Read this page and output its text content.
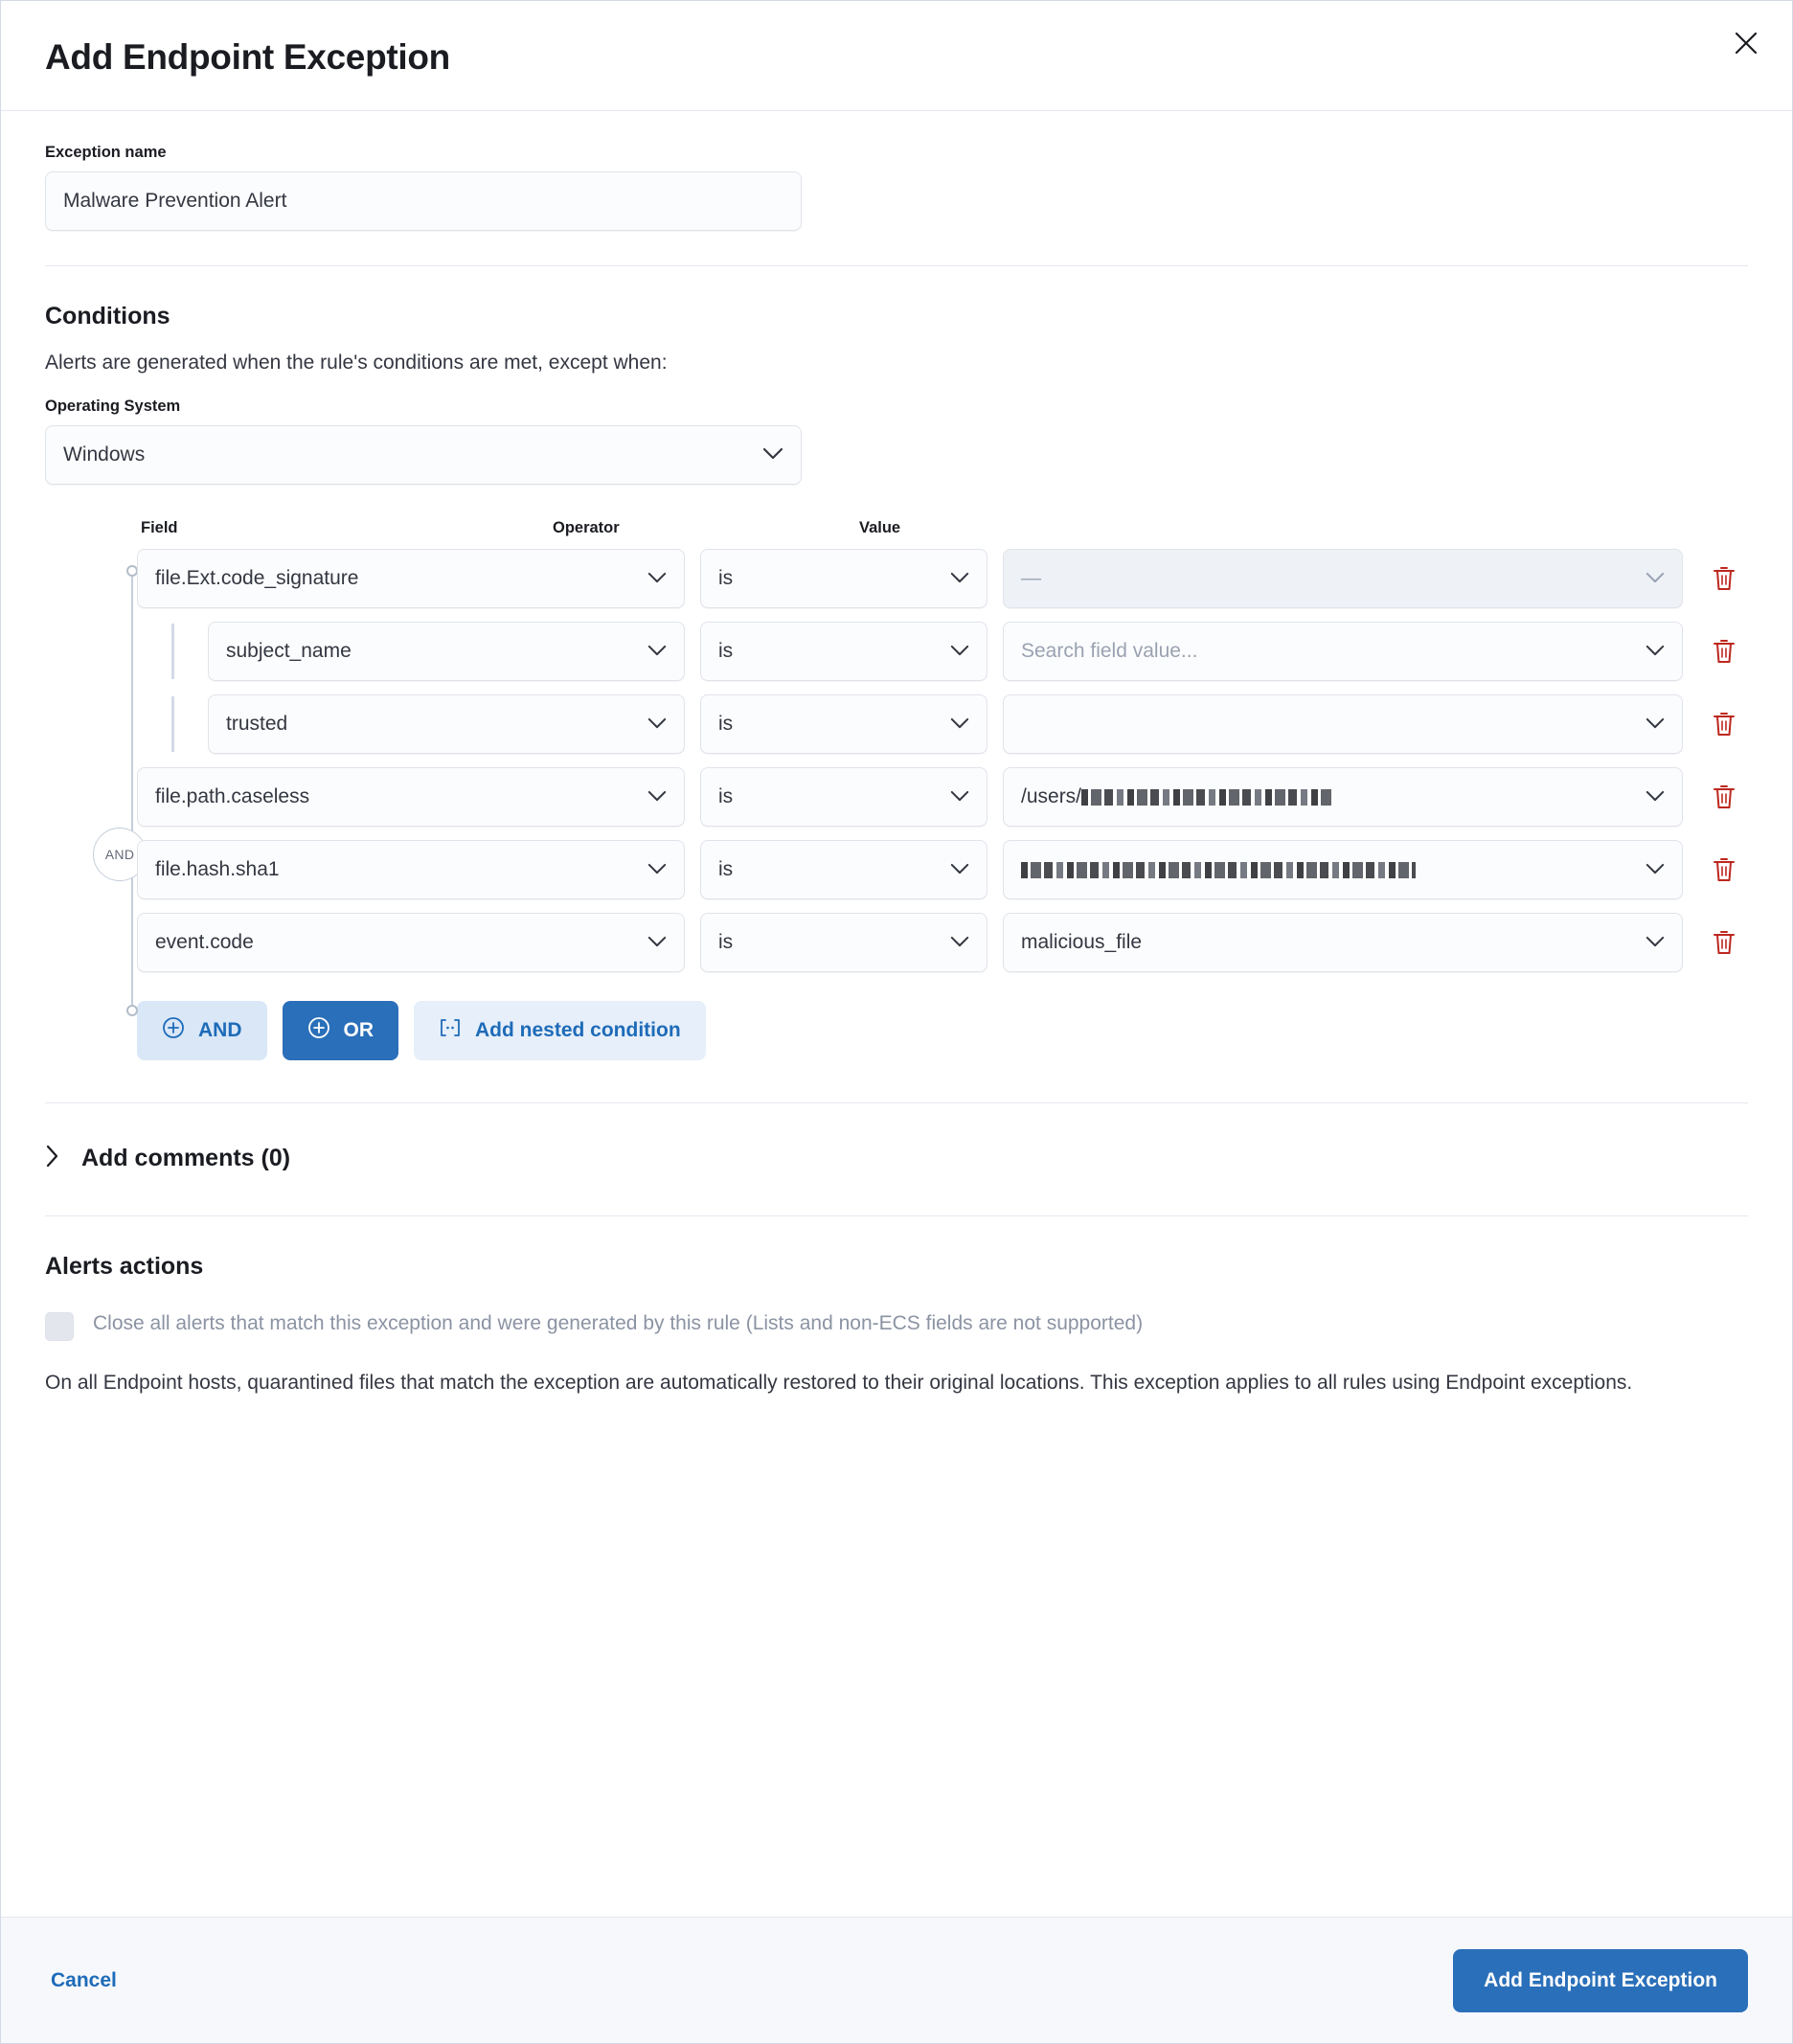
Add Endpoint Exception
Exception name
Malware Prevention Alert
Conditions
Alerts are generated when the rule's conditions are met, except when:
Operating System
Windows
AND
Field	Operator	Value
file.Ext.code_signature	is	—
subject_name	is	Search field value...
trusted	is
file.path.caseless	is	/users/
file.hash.sha1	is
event.code	is	malicious_file
AND	OR	Add nested condition
Add comments (0)
Alerts actions
Close all alerts that match this exception and were generated by this rule (Lists and non-ECS fields are not supported)
On all Endpoint hosts, quarantined files that match the exception are automatically restored to their original locations. This exception applies to all rules using Endpoint exceptions.
Cancel	Add Endpoint Exception
